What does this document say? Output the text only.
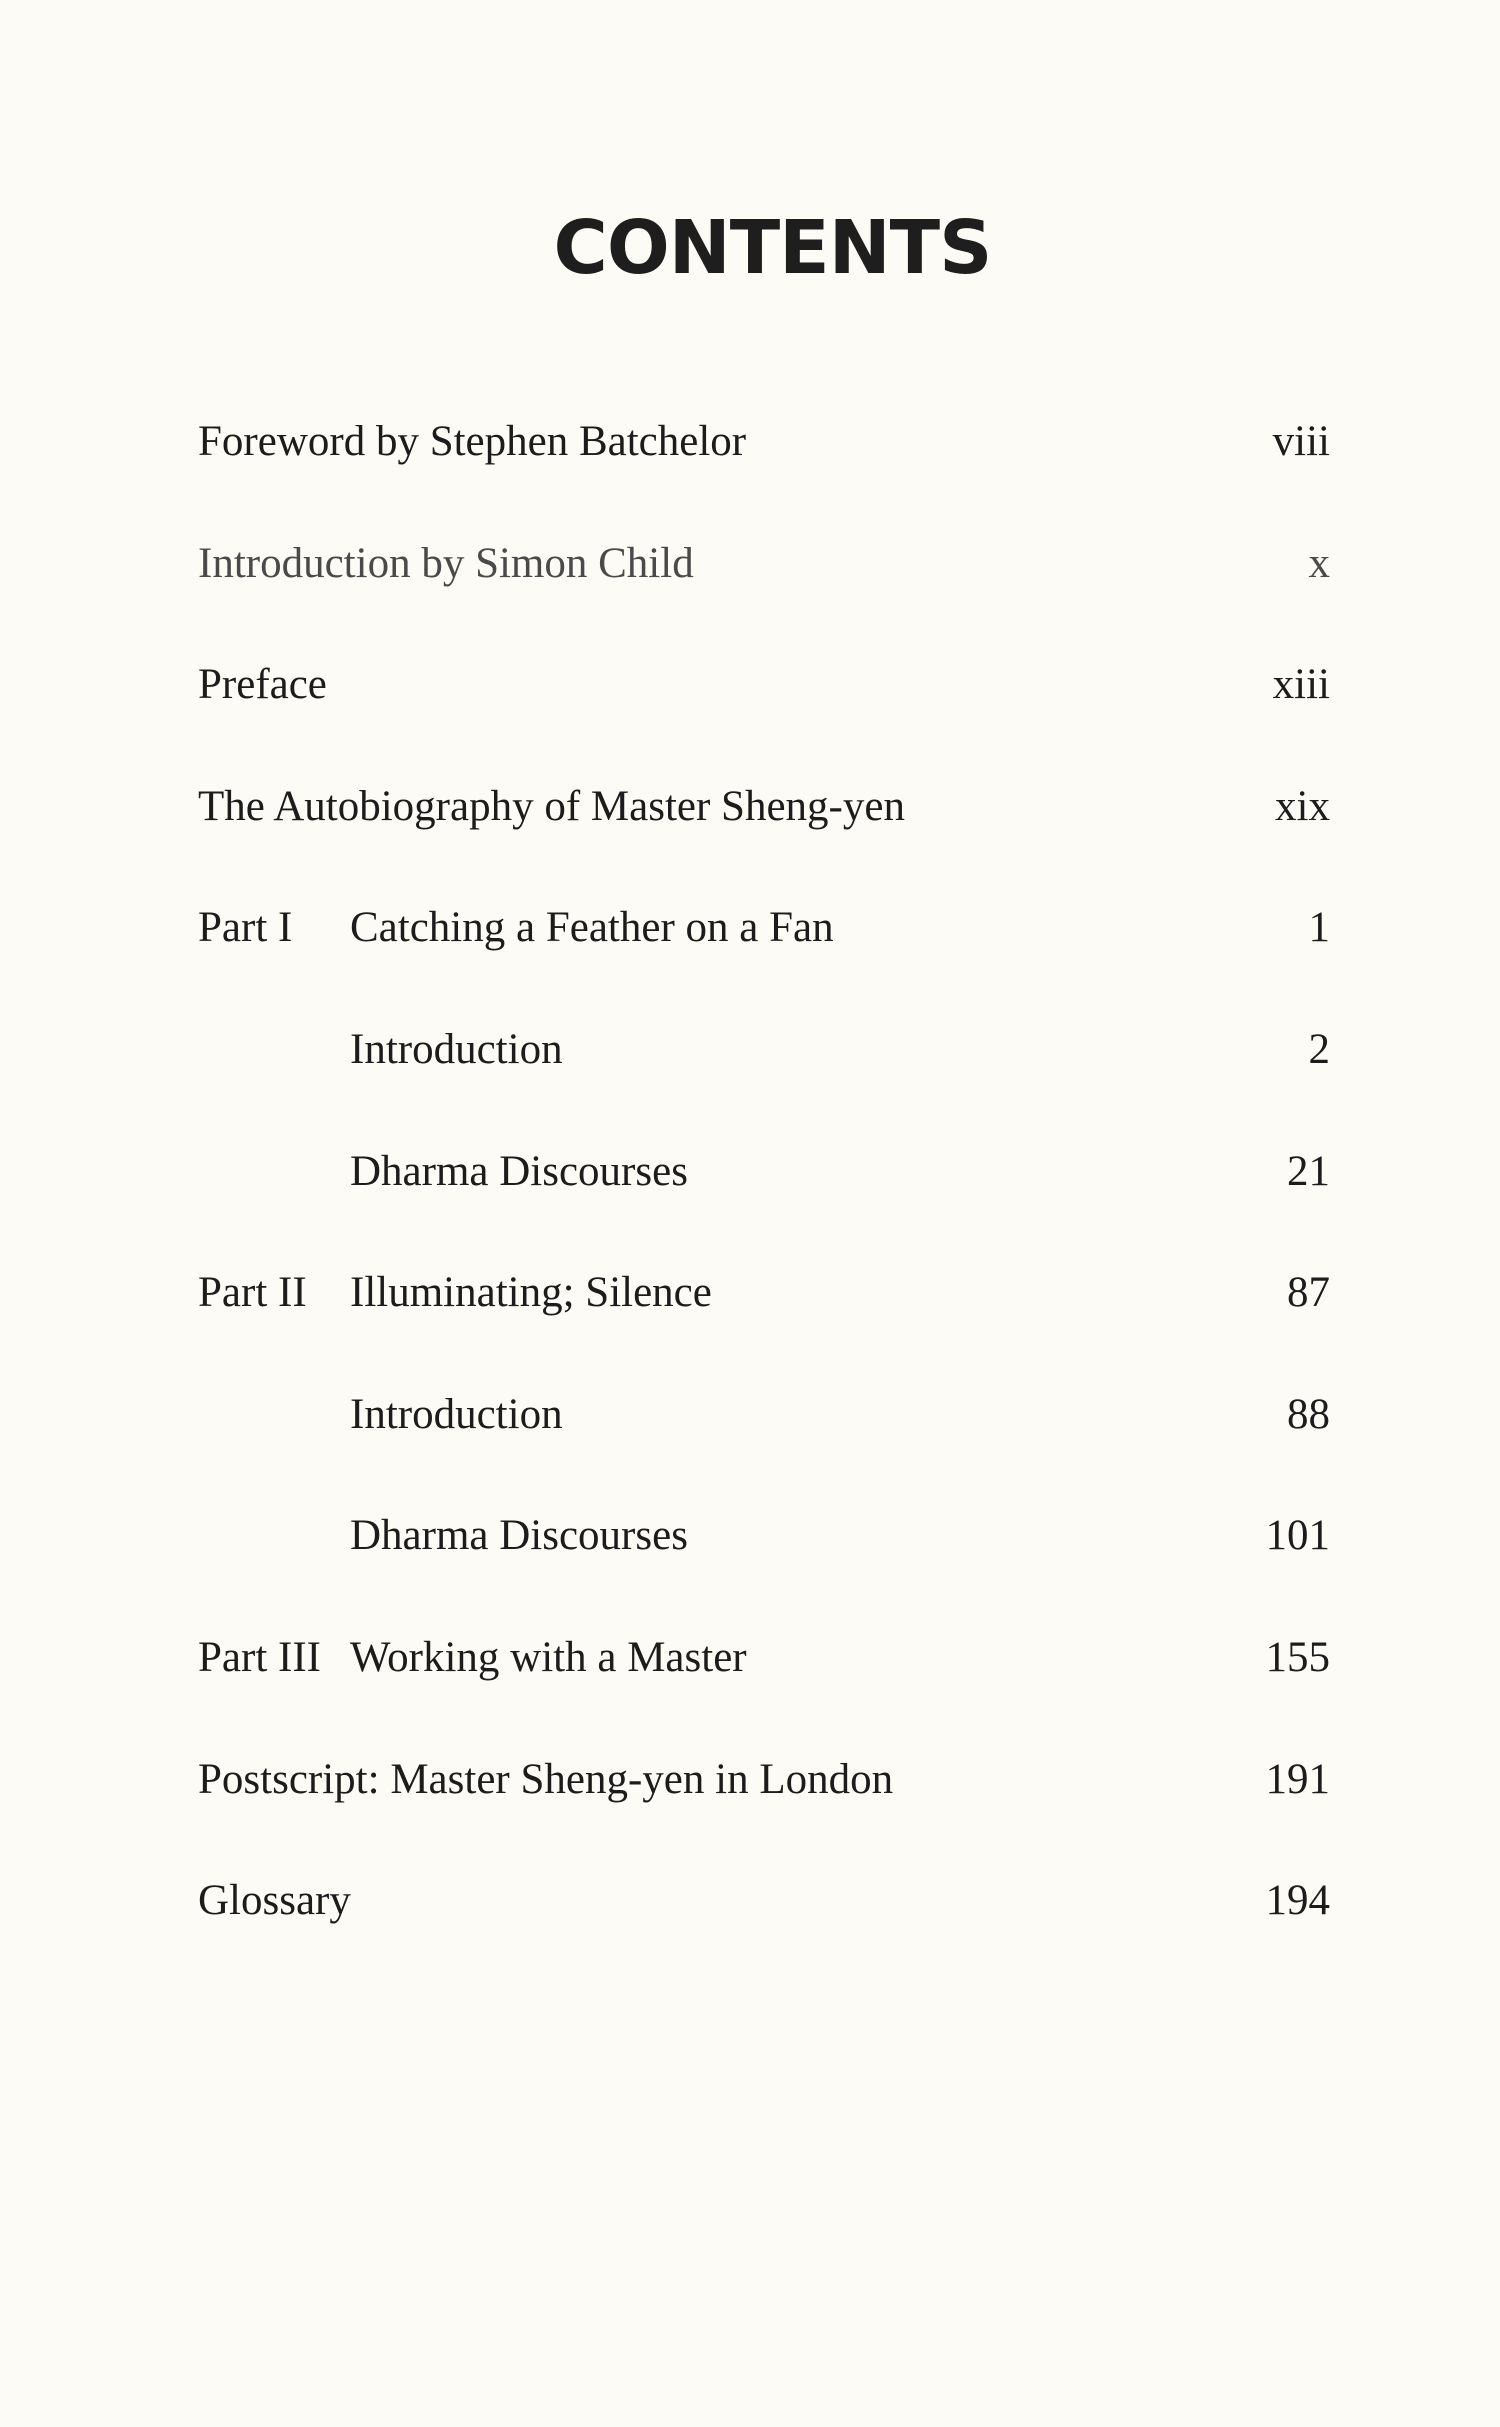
CONTENTS
Foreword by Stephen Batchelor	viii
Introduction by Simon Child	x
Preface	xiii
The Autobiography of Master Sheng-yen	xix
Part I	Catching a Feather on a Fan	1
Introduction	2
Dharma Discourses	21
Part II	Illuminating; Silence	87
Introduction	88
Dharma Discourses	101
Part III Working with a Master	155
Postscript: Master Sheng-yen in London	191
Glossary	194
